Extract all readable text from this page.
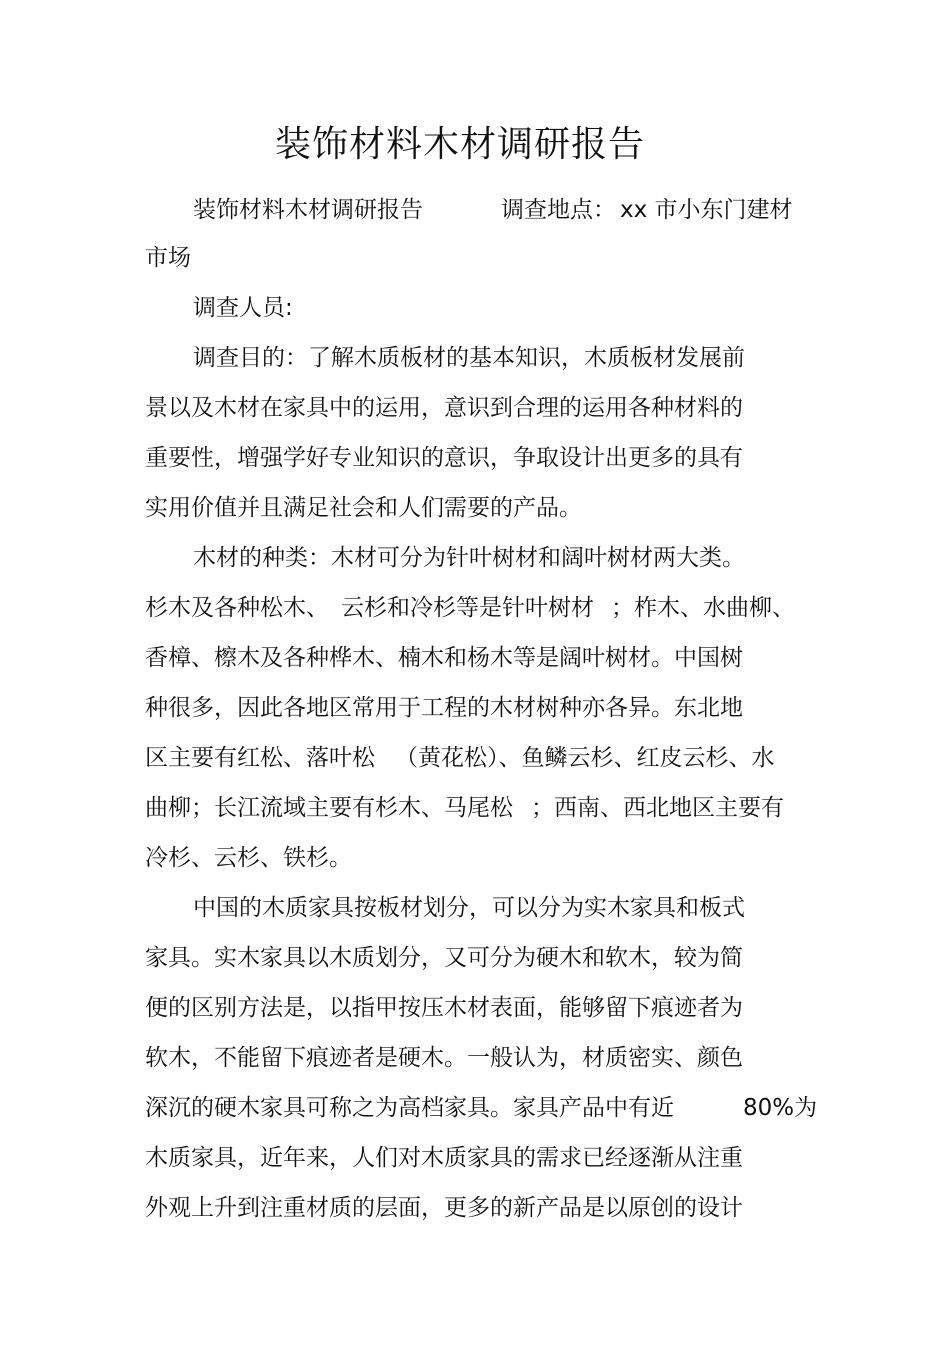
装饰材料木材调研报告
装饰材料木材调研报告	调查地点： xx 市小东门建材
市场
调查人员:
调查目的：了解木质板材的基本知识，木质板材发展前
景以及木材在家具中的运用，意识到合理的运用各种材料的
重要性，增强学好专业知识的意识，争取设计出更多的具有
实用价值并且满足社会和人们需要的产品。
木材的种类：木材可分为针叶树材和阔叶树材两大类。
杉木及各种松木、 云杉和冷杉等是针叶树材 ；柞木、水曲柳、
香樟、檫木及各种桦木、楠木和杨木等是阔叶树材。中国树
种很多，因此各地区常用于工程的木材树种亦各异。东北地
区主要有红松、落叶松 （黄花松）、鱼鳞云杉、红皮云杉、水
曲柳；长江流域主要有杉木、马尾松 ；西南、西北地区主要有
冷杉、云杉、铁杉。
中国的木质家具按板材划分，可以分为实木家具和板式
家具。实木家具以木质划分，又可分为硬木和软木，较为简
便的区别方法是，以指甲按压木材表面，能够留下痕迹者为
软木，不能留下痕迹者是硬木。一般认为，材质密实、颜色
深沉的硬木家具可称之为高档家具。家具产品中有近	80%为
木质家具，近年来，人们对木质家具的需求已经逐渐从注重
外观上升到注重材质的层面，更多的新产品是以原创的设计
